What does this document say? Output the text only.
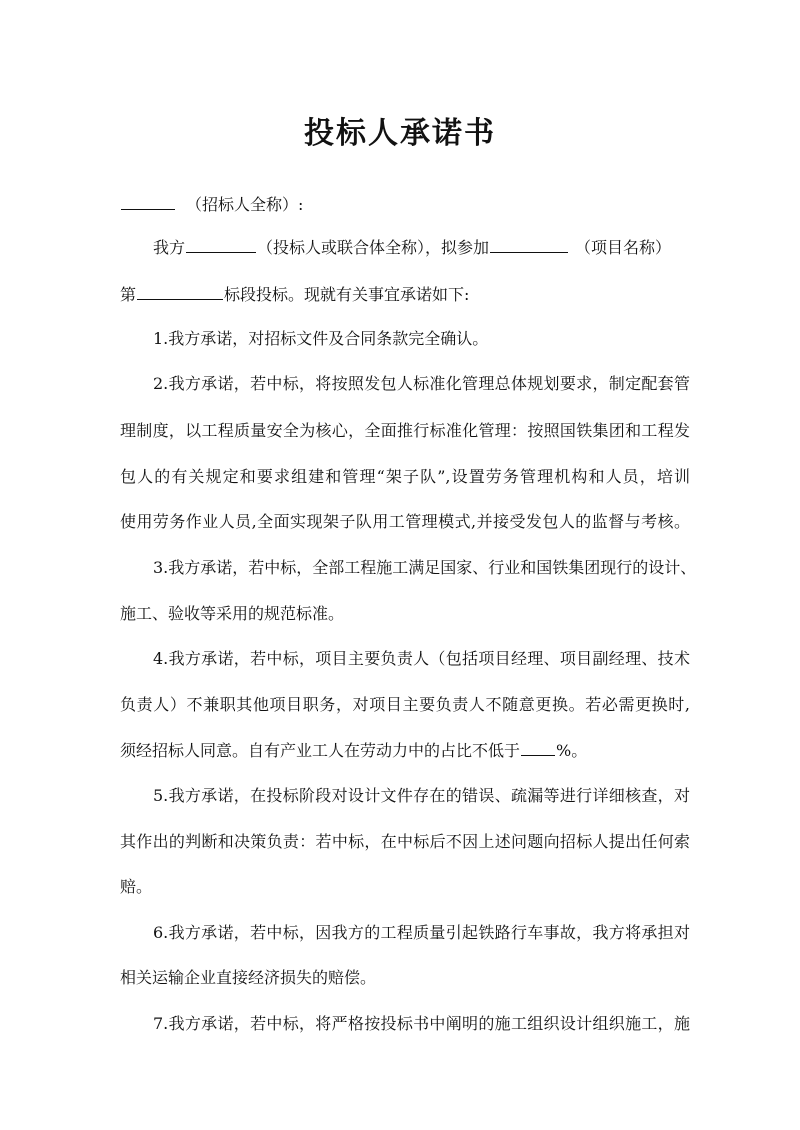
投标人承诺书
（招标人全称）:
我方	（投标人或联合体全称），拟参加	（项目名称）
第	标段投标。现就有关事宜承诺如下:
1.我方承诺，对招标文件及合同条款完全确认。
2.我方承诺，若中标，将按照发包人标准化管理总体规划要求，制定配套管
理制度，以工程质量安全为核心，全面推行标准化管理：按照国铁集团和工程发
包人的有关规定和要求组建和管理“架子队”,设置劳务管理机构和人员，培训
使用劳务作业人员,全面实现架子队用工管理模式,并接受发包人的监督与考核。
3.我方承诺，若中标，全部工程施工满足国家、行业和国铁集团现行的设计、
施工、验收等采用的规范标准。
4.我方承诺，若中标，项目主要负责人（包括项目经理、项目副经理、技术
负责人）不兼职其他项目职务，对项目主要负责人不随意更换。若必需更换时,
须经招标人同意。自有产业工人在劳动力中的占比不低于 %。
5.我方承诺，在投标阶段对设计文件存在的错误、疏漏等进行详细核查，对
其作出的判断和决策负责：若中标，在中标后不因上述问题向招标人提出任何索
赔。
6.我方承诺，若中标，因我方的工程质量引起铁路行车事故，我方将承担对
相关运输企业直接经济损失的赔偿。
7.我方承诺，若中标，将严格按投标书中阐明的施工组织设计组织施工，施
